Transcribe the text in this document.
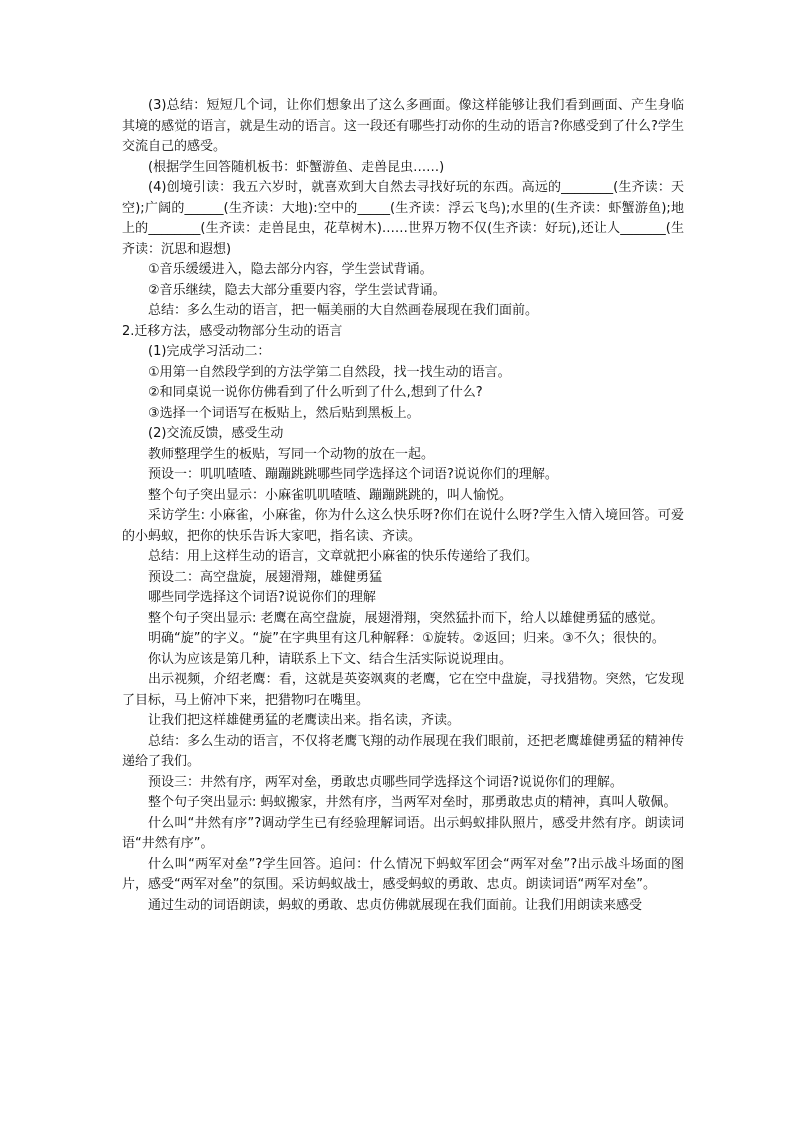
(3)总结：短短几个词，让你们想象出了这么多画面。像这样能够让我们看到画面、产生身临其境的感觉的语言，就是生动的语言。这一段还有哪些打动你的生动的语言?你感受到了什么?学生交流自己的感受。

(根据学生回答随机板书：虾蟹游鱼、走兽昆虫……)

(4)创境引读：我五六岁时，就喜欢到大自然去寻找好玩的东西。高远的________(生齐读：天空);广阔的______(生齐读：大地):空中的_____(生齐读：浮云飞鸟);水里的(生齐读：虾蟹游鱼);地上的________(生齐读：走兽昆虫，花草树木)……世界万物不仅(生齐读：好玩),还让人_______(生齐读：沉思和遐想)

①音乐缓缓进入，隐去部分内容，学生尝试背诵。

②音乐继续，隐去大部分重要内容，学生尝试背诵。

总结：多么生动的语言，把一幅美丽的大自然画卷展现在我们面前。

2.迁移方法，感受动物部分生动的语言

(1)完成学习活动二：

①用第一自然段学到的方法学第二自然段，找一找生动的语言。

②和同桌说一说你仿佛看到了什么听到了什么,想到了什么?

③选择一个词语写在板贴上，然后贴到黑板上。

(2)交流反馈，感受生动

教师整理学生的板贴，写同一个动物的放在一起。

预设一：叽叽喳喳、蹦蹦跳跳哪些同学选择这个词语?说说你们的理解。

整个句子突出显示：小麻雀叽叽喳喳、蹦蹦跳跳的，叫人愉悦。

采访学生: 小麻雀，小麻雀，你为什么这么快乐呀?你们在说什么呀?学生入情入境回答。可爱的小蚂蚁，把你的快乐告诉大家吧，指名读、齐读。

总结：用上这样生动的语言，文章就把小麻雀的快乐传递给了我们。

预设二：高空盘旋，展翅滑翔，雄健勇猛

哪些同学选择这个词语?说说你们的理解

整个句子突出显示: 老鹰在高空盘旋，展翅滑翔，突然猛扑而下，给人以雄健勇猛的感觉。

明确“旋”的字义。“旋”在字典里有这几种解释：①旋转。②返回；归来。③不久；很快的。

你认为应该是第几种，请联系上下文、结合生活实际说说理由。

出示视频，介绍老鹰：看，这就是英姿飒爽的老鹰，它在空中盘旋，寻找猎物。突然，它发现了目标，马上俯冲下来，把猎物叼在嘴里。

让我们把这样雄健勇猛的老鹰读出来。指名读，齐读。

总结：多么生动的语言，不仅将老鹰飞翔的动作展现在我们眼前，还把老鹰雄健勇猛的精神传递给了我们。

预设三：井然有序，两军对垒，勇敢忠贞哪些同学选择这个词语?说说你们的理解。

整个句子突出显示: 蚂蚁搬家，井然有序，当两军对垒时，那勇敢忠贞的精神，真叫人敬佩。

什么叫“井然有序”?调动学生已有经验理解词语。出示蚂蚁排队照片，感受井然有序。朗读词语“井然有序”。

什么叫“两军对垒”?学生回答。追问：什么情况下蚂蚁军团会“两军对垒”?出示战斗场面的图片，感受“两军对垒”的氛围。采访蚂蚁战士，感受蚂蚁的勇敢、忠贞。朗读词语“两军对垒”。

通过生动的词语朗读，蚂蚁的勇敢、忠贞仿佛就展现在我们面前。让我们用朗读来感受
